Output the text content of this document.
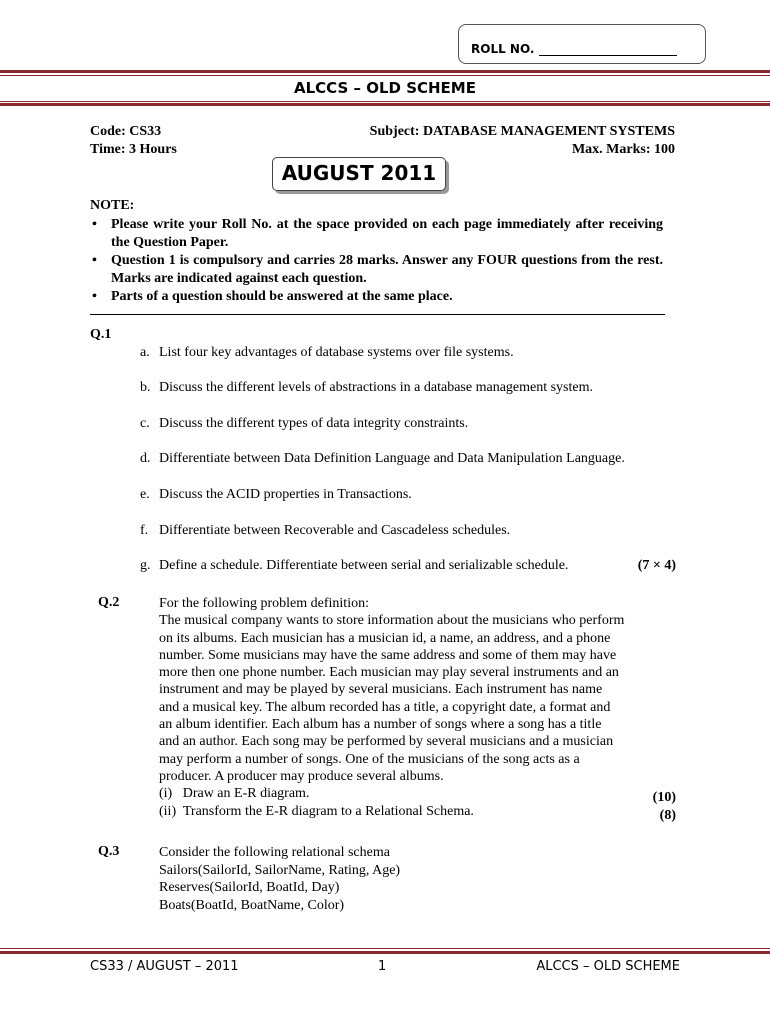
ROLL NO.
ALCCS – OLD SCHEME
Code: CS33
Time: 3 Hours
Subject: DATABASE MANAGEMENT SYSTEMS
Max. Marks: 100
AUGUST 2011
NOTE:
• Please write your Roll No. at the space provided on each page immediately after receiving the Question Paper.
• Question 1 is compulsory and carries 28 marks. Answer any FOUR questions from the rest. Marks are indicated against each question.
• Parts of a question should be answered at the same place.
Q.1
a. List four key advantages of database systems over file systems.
b. Discuss the different levels of abstractions in a database management system.
c. Discuss the different types of data integrity constraints.
d. Differentiate between Data Definition Language and Data Manipulation Language.
e. Discuss the ACID properties in Transactions.
f. Differentiate between Recoverable and Cascadeless schedules.
g. Define a schedule. Differentiate between serial and serializable schedule.	(7 × 4)
Q.2	For the following problem definition:
The musical company wants to store information about the musicians who perform
on its albums. Each musician has a musician id, a name, an address, and a phone
number. Some musicians may have the same address and some of them may have
more then one phone number. Each musician may play several instruments and an
instrument and may be played by several musicians. Each instrument has name
and a musical key. The album recorded has a title, a copyright date, a format and
an album identifier. Each album has a number of songs where a song has a title
and an author. Each song may be performed by several musicians and a musician
may perform a number of songs. One of the musicians of the song acts as a
producer. A producer may produce several albums.
(i)   Draw an E-R diagram.
(ii)  Transform the E-R diagram to a Relational Schema.
(10)
(8)
Q.3	Consider the following relational schema
Sailors(SailorId, SailorName, Rating, Age)
Reserves(SailorId, BoatId, Day)
Boats(BoatId, BoatName, Color)
CS33 / AUGUST – 2011	1	ALCCS – OLD SCHEME
